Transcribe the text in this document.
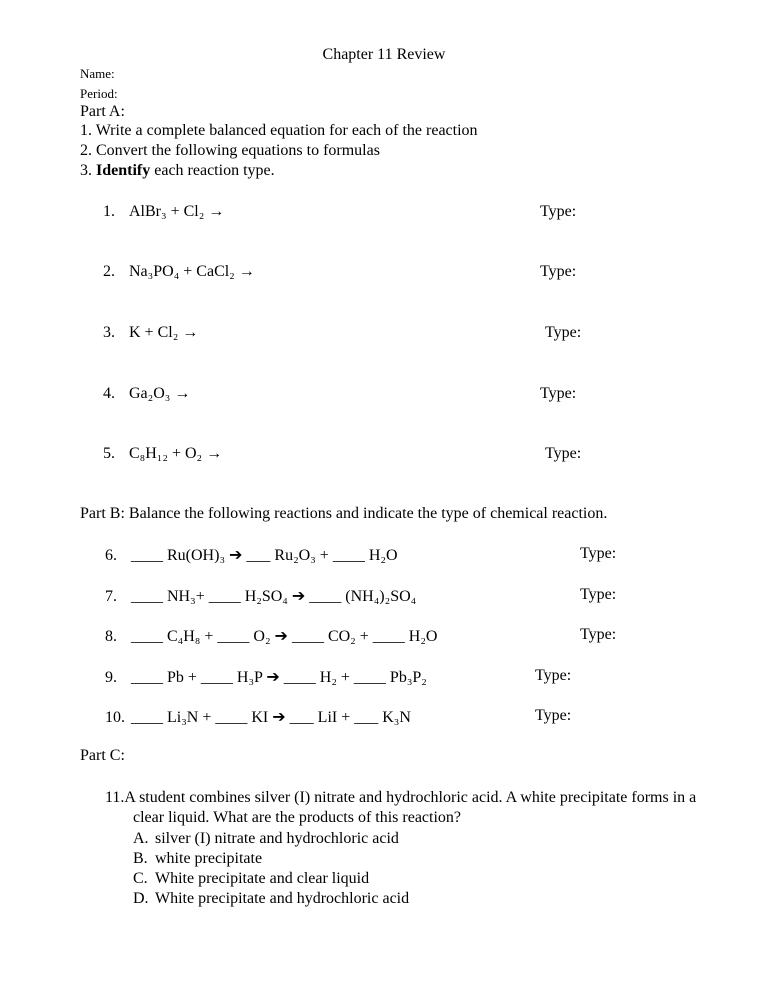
Chapter 11 Review
Name:
Period:
Part A:
1. Write a complete balanced equation for each of the reaction
2. Convert the following equations to formulas
3. Identify each reaction type.
1. AlBr₃ + Cl₂ →	Type:
2. Na₃PO₄ + CaCl₂ →	Type:
3. K + Cl₂ →	Type:
4. Ga₂O₃ →	Type:
5. C₈H₁₂ + O₂ →	Type:
Part B: Balance the following reactions and indicate the type of chemical reaction.
6. ____ Ru(OH)₃ ➔ ___ Ru₂O₃ + ____ H₂O	Type:
7. ____ NH₃+ ____ H₂SO₄ ➔ ____ (NH₄)₂SO₄	Type:
8. ____ C₄H₈ + ____ O₂ ➔ ____ CO₂ + ____ H₂O	Type:
9. ____ Pb + ____ H₃P ➔ ____ H₂ + ____ Pb₃P₂	Type:
10. ____ Li₃N + ____ KI ➔ ___ LiI + ___ K₃N	Type:
Part C:
11.A student combines silver (I) nitrate and hydrochloric acid. A white precipitate forms in a clear liquid. What are the products of this reaction?
A. silver (I) nitrate and hydrochloric acid
B. white precipitate
C. White precipitate and clear liquid
D. White precipitate and hydrochloric acid
